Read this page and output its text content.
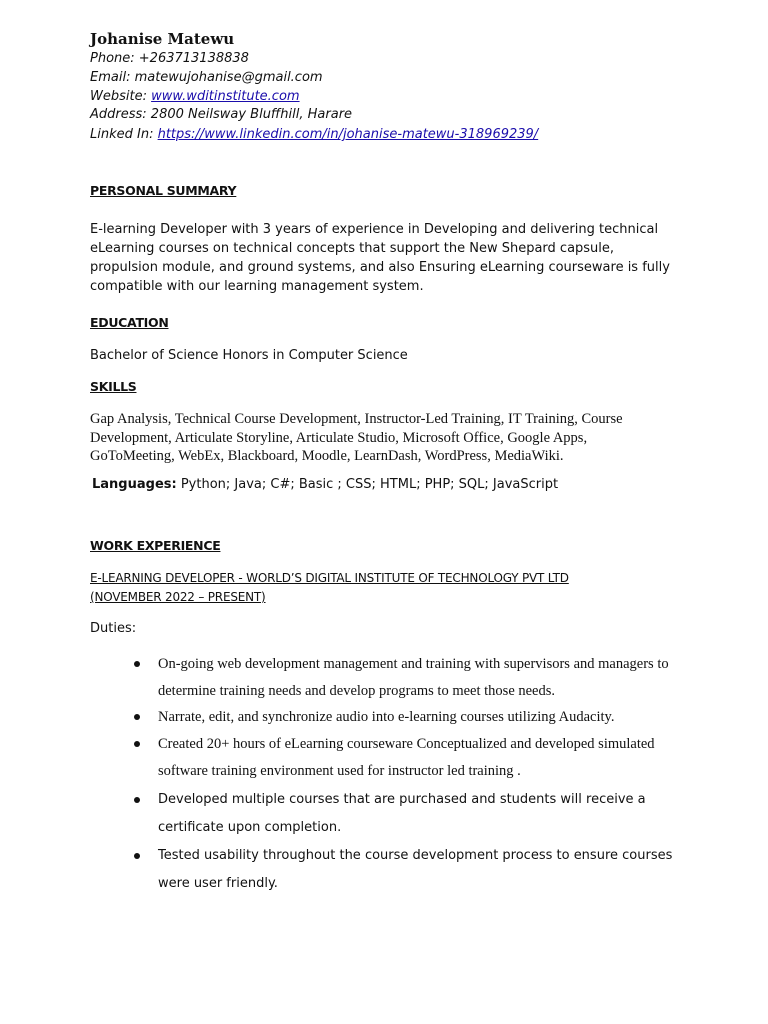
Johanise Matewu
Phone: +263713138838
Email: matewujohanise@gmail.com
Website: www.wditinstitute.com
Address: 2800 Neilsway Bluffhill, Harare
Linked In: https://www.linkedin.com/in/johanise-matewu-318969239/
PERSONAL SUMMARY
E-learning Developer with 3 years of experience in Developing and delivering technical eLearning courses on technical concepts that support the New Shepard capsule, propulsion module, and ground systems, and also Ensuring eLearning courseware is fully compatible with our learning management system.
EDUCATION
Bachelor of Science Honors in Computer Science
SKILLS
Gap Analysis, Technical Course Development, Instructor-Led Training, IT Training, Course Development, Articulate Storyline, Articulate Studio, Microsoft Office, Google Apps, GoToMeeting, WebEx, Blackboard, Moodle, LearnDash, WordPress, MediaWiki.
Languages: Python; Java; C#; Basic ; CSS; HTML; PHP; SQL; JavaScript
WORK EXPERIENCE
E-LEARNING DEVELOPER - WORLD’S DIGITAL INSTITUTE OF TECHNOLOGY PVT LTD
(NOVEMBER 2022 – PRESENT)
Duties:
On-going web development management and training with supervisors and managers to determine training needs and develop programs to meet those needs.
Narrate, edit, and synchronize audio into e-learning courses utilizing Audacity.
Created 20+ hours of eLearning courseware Conceptualized and developed simulated software training environment used for instructor led training .
Developed multiple courses that are purchased and students will receive a certificate upon completion.
Tested usability throughout the course development process to ensure courses were user friendly.
